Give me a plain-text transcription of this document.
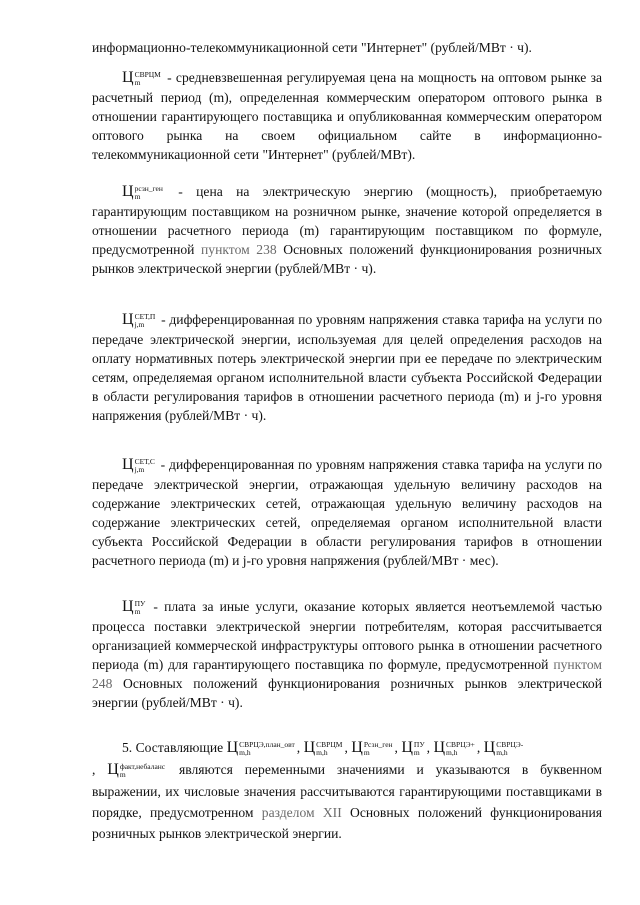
информационно-телекоммуникационной сети "Интернет" (рублей/МВт · ч).

Ц СВРЦМ
m	- средневзвешенная регулируемая цена на мощность на оптовом рынке за расчетный период (m), определенная коммерческим оператором оптового рынка в отношении гарантирующего поставщика и опубликованная коммерческим оператором оптового рынка на своем официальном сайте в информационно-телекоммуникационной сети "Интернет" (рублей/МВт).

Ц рсзн_ген
m	- цена на электрическую энергию (мощность), приобретаемую гарантирующим поставщиком на розничном рынке, значение которой определяется в отношении расчетного периода (m) гарантирующим поставщиком по формуле, предусмотренной пунктом 238 Основных положений функционирования розничных рынков электрической энергии (рублей/МВт · ч).

Ц СЕТ,П
j,m - дифференцированная по уровням напряжения ставка тарифа на услуги по передаче электрической энергии, используемая для целей определения расходов на оплату нормативных потерь электрической энергии при ее передаче по электрическим сетям, определяемая органом исполнительной власти субъекта Российской Федерации в области регулирования тарифов в отношении расчетного периода (m) и j-го уровня напряжения (рублей/МВт · ч).

Ц СЕТ,С
j,m - дифференцированная по уровням напряжения ставка тарифа на услуги по передаче электрической энергии, отражающая удельную величину расходов на содержание электрических сетей, отражающая удельную величину расходов на содержание электрических сетей, определяемая органом исполнительной власти субъекта Российской Федерации в области регулирования тарифов в отношении расчетного периода (m) и j-го уровня напряжения (рублей/МВт · мес).

Ц ПУ
m - плата за иные услуги, оказание которых является неотъемлемой частью процесса поставки электрической энергии потребителям, которая рассчитывается организацией коммерческой инфраструктуры оптового рынка в отношении расчетного периода (m) для гарантирующего поставщика по формуле, предусмотренной пунктом 248 Основных положений функционирования розничных рынков электрической энергии (рублей/МВт · ч).

5. Составляющие Ц СВРЦЭ,план_овт
m,h	, Ц СВРЦМ
m,h	, Ц Рсзн_ген
m	, Ц ПУ
m , Ц СВРЦЭ+
m,h	, Ц СВРЦЭ-
m,h

, Ц факт,небаланс
m	являются переменными значениями и указываются в буквенном выражении, их числовые значения рассчитываются гарантирующими поставщиками в порядке, предусмотренном разделом XII Основных положений функционирования розничных рынков электрической энергии.
